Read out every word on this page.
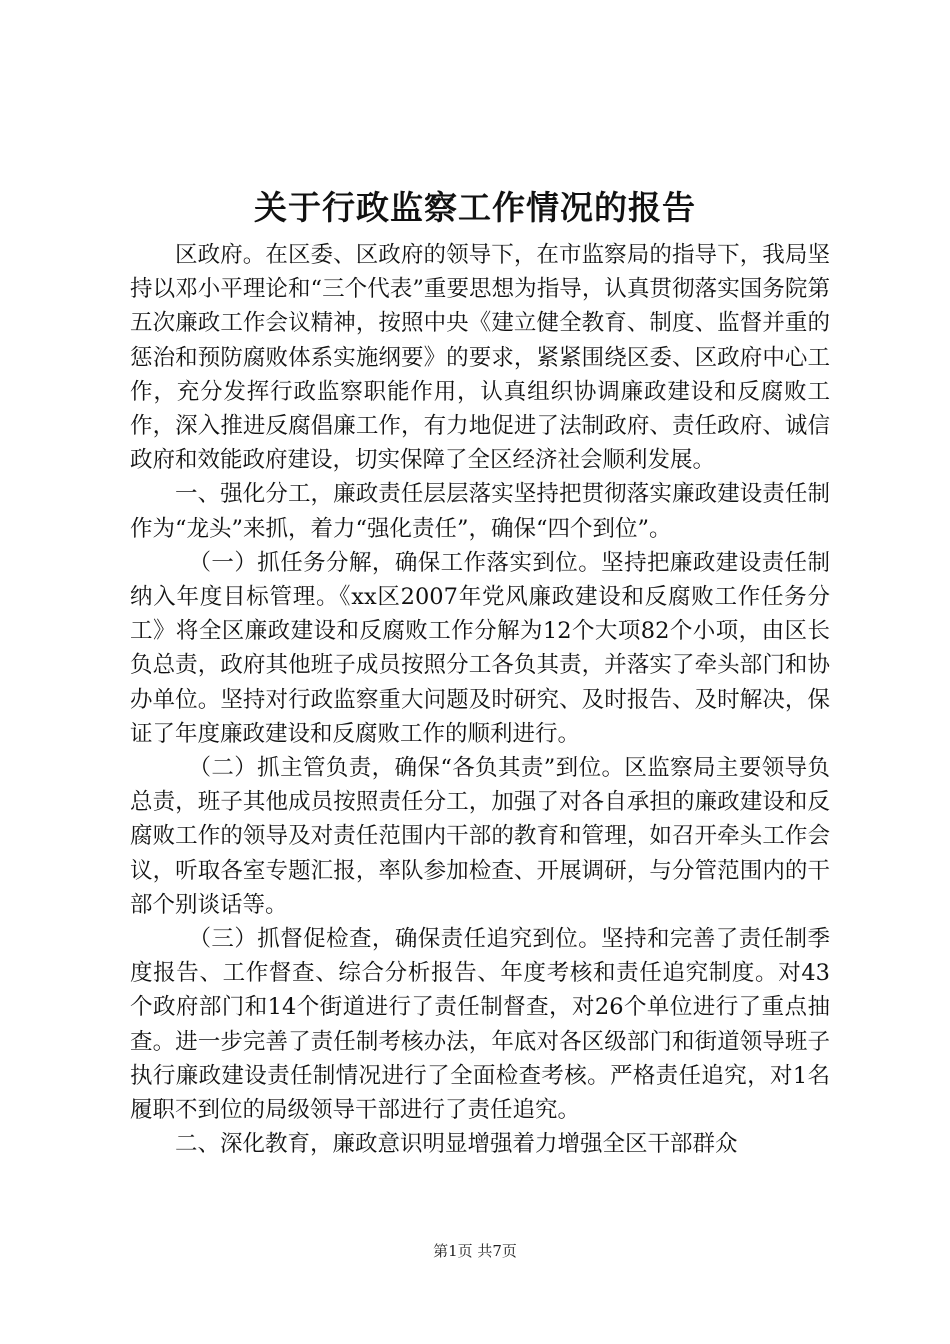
关于行政监察工作情况的报告

区政府。在区委、区政府的领导下，在市监察局的指导下，我局坚持以邓小平理论和“三个代表”重要思想为指导，认真贯彻落实国务院第五次廉政工作会议精神，按照中央《建立健全教育、制度、监督并重的惩治和预防腐败体系实施纲要》的要求，紧紧围绕区委、区政府中心工作，充分发挥行政监察职能作用，认真组织协调廉政建设和反腐败工作，深入推进反腐倡廉工作，有力地促进了法制政府、责任政府、诚信政府和效能政府建设，切实保障了全区经济社会顺利发展。

一、强化分工，廉政责任层层落实坚持把贯彻落实廉政建设责任制作为“龙头”来抓，着力“强化责任”，确保“四个到位”。

（一）抓任务分解，确保工作落实到位。坚持把廉政建设责任制纳入年度目标管理。《xx区2007年党风廉政建设和反腐败工作任务分工》将全区廉政建设和反腐败工作分解为12个大项82个小项，由区长负总责，政府其他班子成员按照分工各负其责，并落实了牵头部门和协办单位。坚持对行政监察重大问题及时研究、及时报告、及时解决，保证了年度廉政建设和反腐败工作的顺利进行。

（二）抓主管负责，确保“各负其责”到位。区监察局主要领导负总责，班子其他成员按照责任分工，加强了对各自承担的廉政建设和反腐败工作的领导及对责任范围内干部的教育和管理，如召开牵头工作会议，听取各室专题汇报，率队参加检查、开展调研，与分管范围内的干部个别谈话等。

（三）抓督促检查，确保责任追究到位。坚持和完善了责任制季度报告、工作督查、综合分析报告、年度考核和责任追究制度。对43个政府部门和14个街道进行了责任制督查，对26个单位进行了重点抽查。进一步完善了责任制考核办法，年底对各区级部门和街道领导班子执行廉政建设责任制情况进行了全面检查考核。严格责任追究，对1名履职不到位的局级领导干部进行了责任追究。

二、深化教育，廉政意识明显增强着力增强全区干部群众

第1页 共7页
